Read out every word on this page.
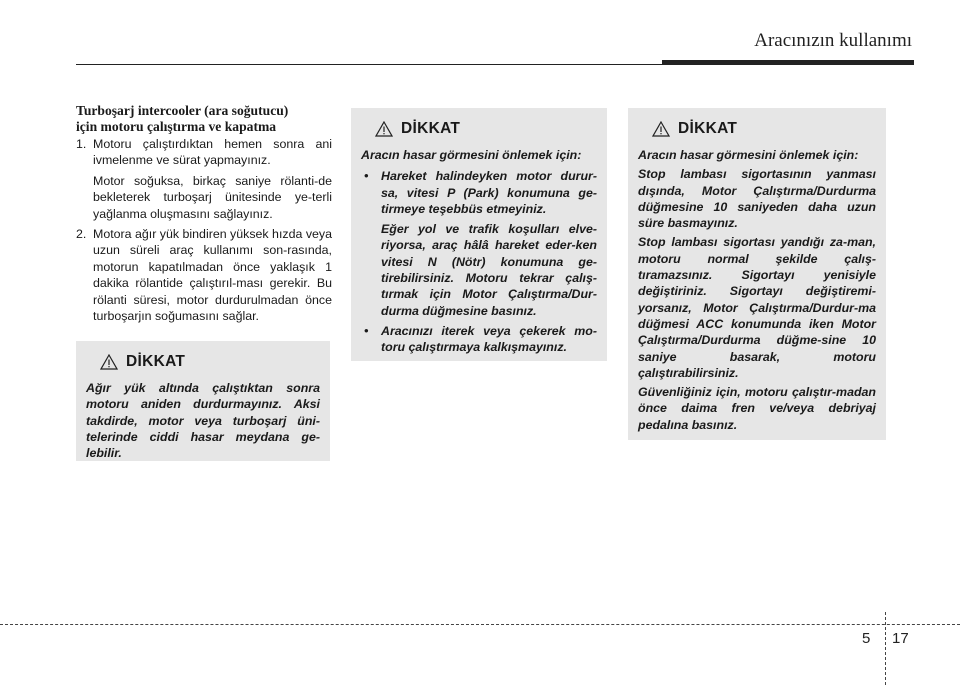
Aracınızın kullanımı
Turboşarj intercooler (ara soğutucu)
için motoru çalıştırma ve kapatma
1. Motoru çalıştırdıktan hemen sonra ani ivmelenme ve sürat yapmayınız.

Motor soğuksa, birkaç saniye rölanti-de bekleterek turboşarj ünitesinde ye-terli yağlanma oluşmasını sağlayınız.

2. Motora ağır yük bindiren yüksek hızda veya uzun süreli araç kullanımı son-rasında, motorun kapatılmadan önce yaklaşık 1 dakika rölantide çalıştırıl-ması gerekir. Bu rölanti süresi, motor durdurulmadan önce turboşarjın soğumasını sağlar.

DİKKAT

Ağır yük altında çalıştıktan sonra motoru aniden durdurmayınız. Aksi takdirde, motor veya turboşarj üni-telerinde ciddi hasar meydana ge-lebilir.

DİKKAT

Aracın hasar görmesini önlemek için:

• Hareket halindeyken motor durur-sa, vitesi P (Park) konumuna ge-tirmeye teşebbüs etmeyiniz.

Eğer yol ve trafik koşulları elve-riyorsa, araç hâlâ hareket eder-ken vitesi N (Nötr) konumuna ge-tirebilirsiniz. Motoru tekrar çalış-tırmak için Motor Çalıştırma/Dur-durma düğmesine basınız.

• Aracınızı iterek veya çekerek mo-toru çalıştırmaya kalkışmayınız.

DİKKAT

Aracın hasar görmesini önlemek için:

Stop lambası sigortasının yanması dışında, Motor Çalıştırma/Durdurma düğmesine 10 saniyeden daha uzun süre basmayınız.

Stop lambası sigortası yandığı za-man, motoru normal şekilde çalış-tıramazsınız. Sigortayı yenisiyle değiştiriniz. Sigortayı değiştiremi-yorsanız, Motor Çalıştırma/Durdur-ma düğmesi ACC konumunda iken Motor Çalıştırma/Durdurma düğme-sine 10 saniye basarak, motoru çalıştırabilirsiniz.

Güvenliğiniz için, motoru çalıştır-madan önce daima fren ve/veya debriyaj pedalına basınız.

5 17
